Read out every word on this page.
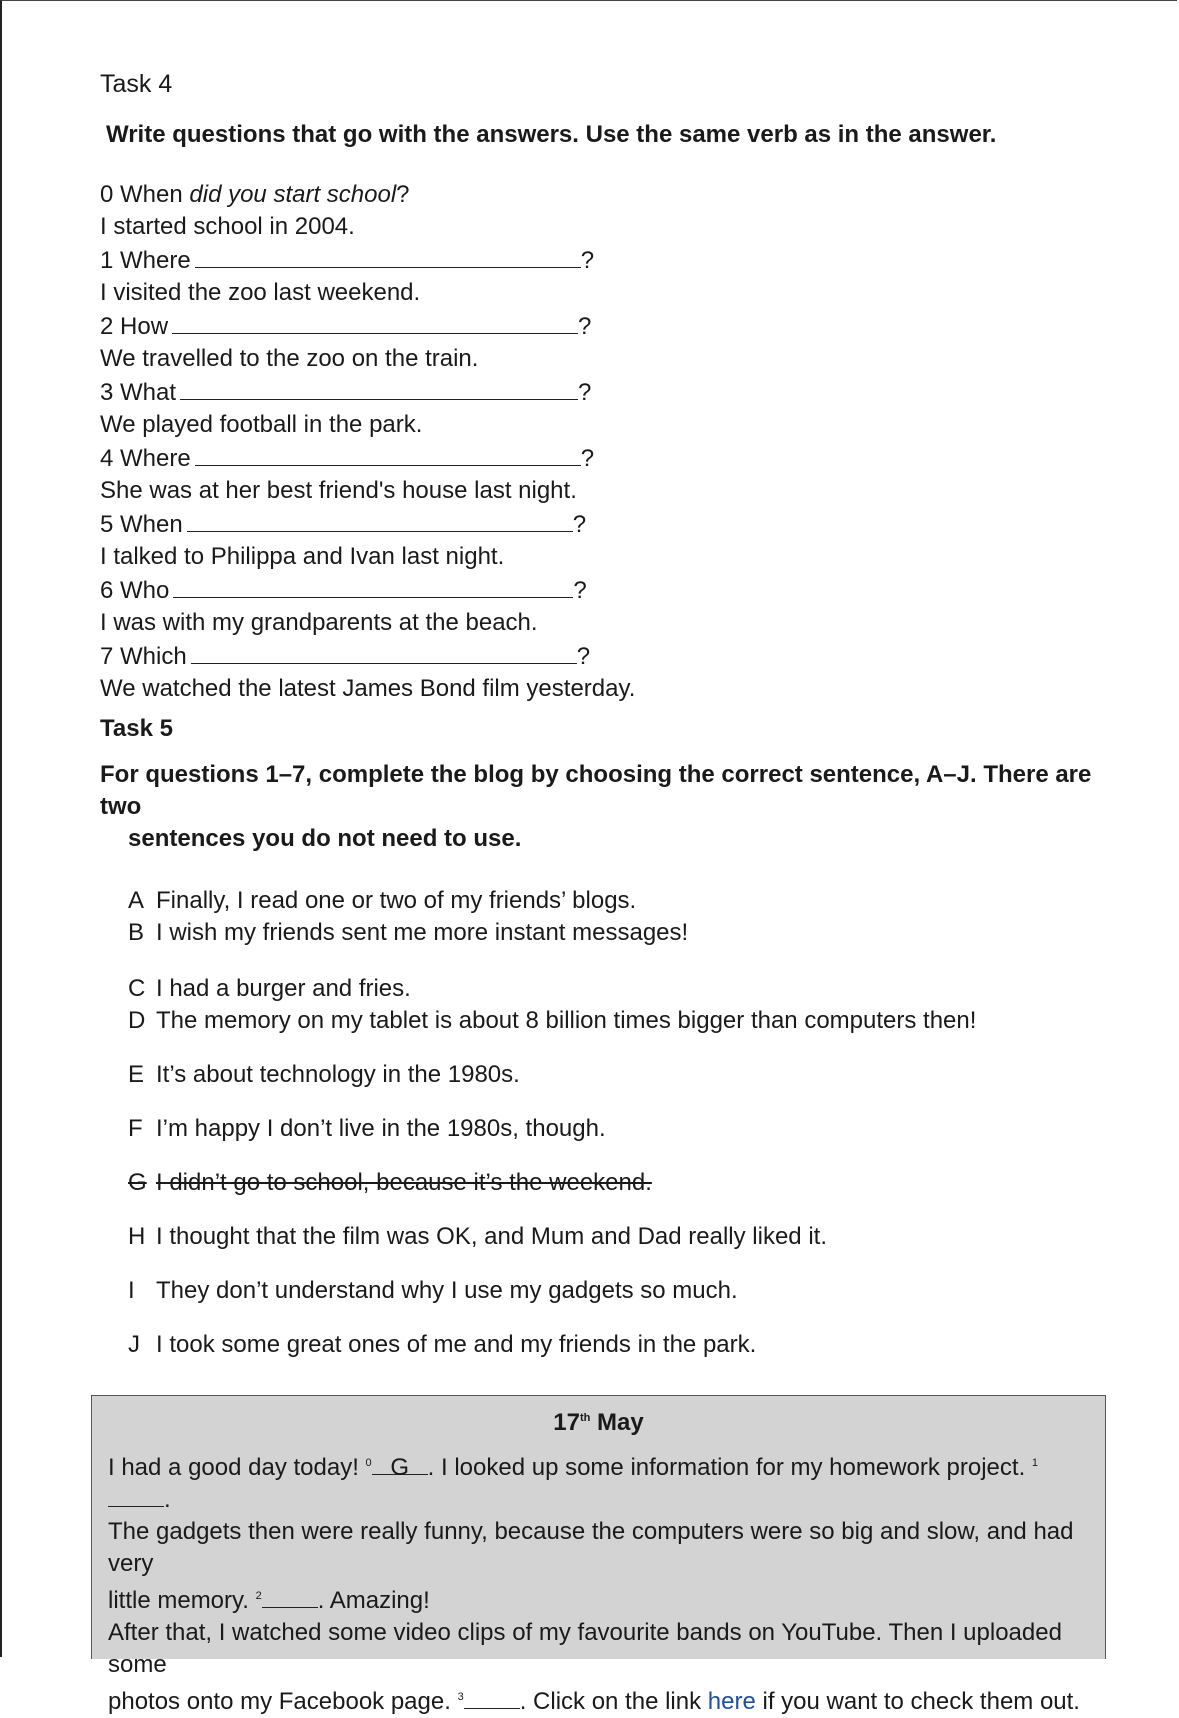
Task 4
Write questions that go with the answers. Use the same verb as in the answer.
0 When did you start school?
I started school in 2004.
1 Where	?
I visited the zoo last weekend.
2 How	?
We travelled to the zoo on the train.
3 What	?
We played football in the park.
4 Where	?
She was at her best friend's house last night.
5 When	?
I talked to Philippa and Ivan last night.
6 Who	?
I was with my grandparents at the beach.
7 Which	?
We watched the latest James Bond film yesterday.
Task 5
For questions 1–7, complete the blog by choosing the correct sentence, A–J. There are two
sentences you do not need to use.
A Finally, I read one or two of my friends’ blogs.
B I wish my friends sent me more instant messages!
C I had a burger and fries.
D The memory on my tablet is about 8 billion times bigger than computers then!
E It’s about technology in the 1980s.
F I’m happy I don’t live in the 1980s, though.
G I didn’t go to school, because it’s the weekend.
H I thought that the film was OK, and Mum and Dad really liked it.
I They don’t understand why I use my gadgets so much.
J I took some great ones of me and my friends in the park.
17th May
I had a good day today! $^0$ G . I looked up some information for my homework project. $^1$.
The gadgets then were really funny, because the computers were so big and slow, and had very
little memory. $^2$ . Amazing!
After that, I watched some video clips of my favourite bands on YouTube. Then I uploaded some
photos onto my Facebook page. $^3$ . Click on the link here if you want to check them out.
